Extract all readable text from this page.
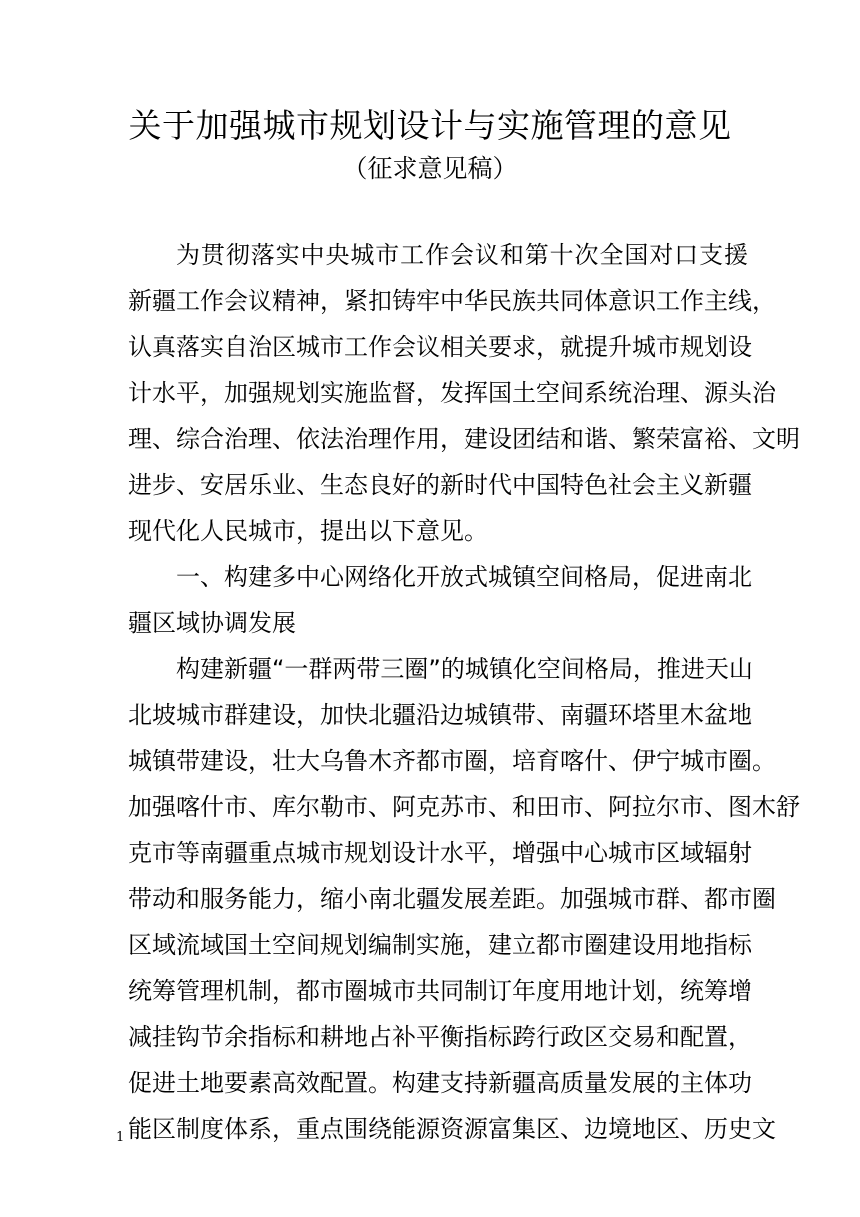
关于加强城市规划设计与实施管理的意见
（征求意见稿）
为贯彻落实中央城市工作会议和第十次全国对口支援
新疆工作会议精神，紧扣铸牢中华民族共同体意识工作主线，
认真落实自治区城市工作会议相关要求，就提升城市规划设
计水平，加强规划实施监督，发挥国土空间系统治理、源头治
理、综合治理、依法治理作用，建设团结和谐、繁荣富裕、文明
进步、安居乐业、生态良好的新时代中国特色社会主义新疆
现代化人民城市，提出以下意见。
一、构建多中心网络化开放式城镇空间格局，促进南北
疆区域协调发展
构建新疆“一群两带三圈”的城镇化空间格局，推进天山
北坡城市群建设，加快北疆沿边城镇带、南疆环塔里木盆地
城镇带建设，壮大乌鲁木齐都市圈，培育喀什、伊宁城市圈。
加强喀什市、库尔勒市、阿克苏市、和田市、阿拉尔市、图木舒
克市等南疆重点城市规划设计水平，增强中心城市区域辐射
带动和服务能力，缩小南北疆发展差距。加强城市群、都市圈
区域流域国土空间规划编制实施，建立都市圈建设用地指标
统筹管理机制，都市圈城市共同制订年度用地计划，统筹增
减挂钩节余指标和耕地占补平衡指标跨行政区交易和配置，
促进土地要素高效配置。构建支持新疆高质量发展的主体功
能区制度体系，重点围绕能源资源富集区、边境地区、历史文
1
